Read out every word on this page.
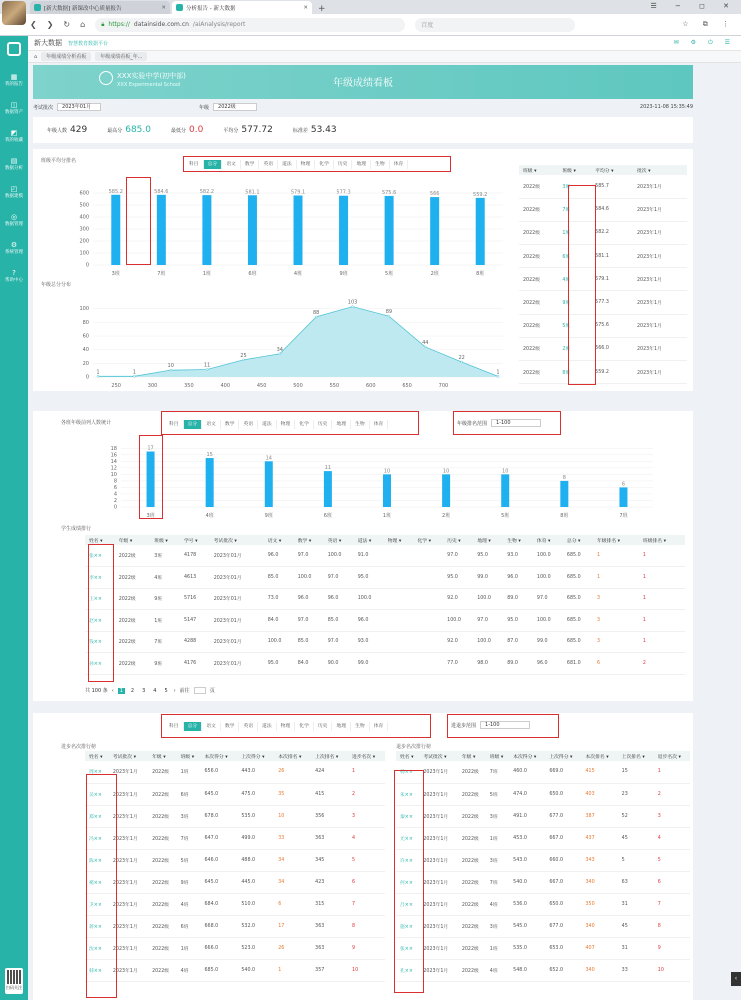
[新大数据] 新课改中心质量报告	✕	分析报告 - 新大数据	✕	+	☰ − ◻ ✕
❮ ❯ ↻ ⌂	🔒︎ https:// datainside.com.cn /aiAnalysis/report	百度	☆ ⧉ ⋮
▦
我的报告
◫
数据资产
◩
我的收藏
▤
数据分析
◰
数据建模
◎
数据管理
⚙
系统管理
?
帮助中心
扫码关注
新大数据 智慧教育数据平台	✉ ⚙ ⏻ ☰
⌂	年级成绩分析看板	年级成绩看板_年...
XXX实验中学(初中部)
XXX Experimental School	年级成绩看板
考试批次	2023年01月	年级	2022级	2023-11-08 15:35:49
年级人数 429	最高分 685.0	最低分 0.0	平均分 577.72	标准差 53.43
班级平均分排名	科目	总分	语文	数学	英语	道法	物理	化学	历史	地理	生物	体育
0
100
200
300
400
500
600	585.2
3班
584.6
7班
582.2
1班
581.1
6班
579.1
4班
577.3
9班
575.6
5班
566
2班
559.2
8班
年级总分分布
0
20
40
60
80
100
1	1
10	11
25
34
88
103
89
44
22
1
250	300	350	400	450	500	550	600	650	700
班级 ▾	班级 ▾	平均分 ▾	批次 ▾
2022级	3班	585.7	2023年1月
2022级	7班	584.6	2023年1月
2022级	1班	582.2	2023年1月
2022级	6班	581.1	2023年1月
2022级	4班	579.1	2023年1月
2022级	9班	577.3	2023年1月
2022级	5班	575.6	2023年1月
2022级	2班	566.0	2023年1月
2022级	8班	559.2	2023年1月
各班年级前列人数统计	科目	总分	语文	数学	英语	道法	物理	化学	历史	地理	生物	体育	年级排名范围	1-100
0
2
4
6
8
10
12
14
16
18	17
3班
15
4班
14
9班
11
6班
10
1班
10
2班
10
5班
8
8班
6
7班
学生成绩排行
姓名 ▾	年级 ▾	班级 ▾	学号 ▾	考试批次 ▾	语文 ▾	数学 ▾	英语 ▾	道法 ▾	物理 ▾	化学 ▾	历史 ▾	地理 ▾	生物 ▾	体育 ▾	总分 ▾	年级排名 ▾	班级排名 ▾
张××	2022级	3班	4178	2023年01月	96.0	97.0	100.0	91.0			97.0	95.0	93.0	100.0	685.0	1	1
李××	2022级	4班	4613	2023年01月	85.0	100.0	97.0	95.0			95.0	99.0	96.0	100.0	685.0	1	1
王××	2022级	9班	5716	2023年01月	73.0	96.0	96.0	100.0			92.0	100.0	89.0	97.0	685.0	3	1
赵××	2022级	1班	5147	2023年01月	84.0	97.0	85.0	96.0			100.0	97.0	95.0	100.0	685.0	3	1
钱××	2022级	7班	4288	2023年01月	100.0	85.0	97.0	93.0			92.0	100.0	87.0	99.0	685.0	3	1
孙××	2022级	9班	4176	2023年01月	95.0	84.0	90.0	99.0			77.0	98.0	89.0	96.0	681.0	6	2
共 100 条 ‹	1	2	3	4	5	› 前往	页
科目	总分	语文	数学	英语	道法	物理	化学	历史	地理	生物	体育	进退步范围	1-100
进步名次排行榜	退步名次排行榜
姓名 ▾	考试批次 ▾	年级 ▾	班级 ▾	本次得分 ▾	上次得分 ▾	本次排名 ▾	上次排名 ▾	进步名次 ▾
周××	2023年1月	2022级	1班	656.0	443.0	26	424	1
吴××	2023年1月	2022级	6班	645.0	475.0	35	415	2
郑××	2023年1月	2022级	3班	678.0	535.0	10	356	3
冯××	2023年1月	2022级	7班	647.0	499.0	33	363	4
陈××	2023年1月	2022级	5班	646.0	488.0	34	345	5
褚××	2023年1月	2022级	9班	645.0	445.0	34	423	6
卫××	2023年1月	2022级	4班	684.0	510.0	6	315	7
蒋××	2023年1月	2022级	6班	668.0	532.0	17	363	8
沈××	2023年1月	2022级	1班	666.0	523.0	26	363	9
韩××	2023年1月	2022级	4班	685.0	540.0	1	357	10
姓名 ▾	考试批次 ▾	年级 ▾	班级 ▾	本次得分 ▾	上次得分 ▾	本次排名 ▾	上次排名 ▾	退步名次 ▾
杨××	2023年1月	2022级	7班	460.0	669.0	415	15	1
朱××	2023年1月	2022级	5班	474.0	650.0	403	23	2
秦××	2023年1月	2022级	3班	491.0	677.0	387	52	3
尤××	2023年1月	2022级	1班	453.0	667.0	437	45	4
许××	2023年1月	2022级	3班	543.0	660.0	343	5	5
何××	2023年1月	2022级	7班	540.0	667.0	340	63	6
吕××	2023年1月	2022级	4班	536.0	650.0	350	31	7
施××	2023年1月	2022级	3班	545.0	677.0	340	45	8
张××	2023年1月	2022级	1班	535.0	653.0	407	31	9
孔××	2023年1月	2022级	4班	548.0	652.0	340	33	10
‹
